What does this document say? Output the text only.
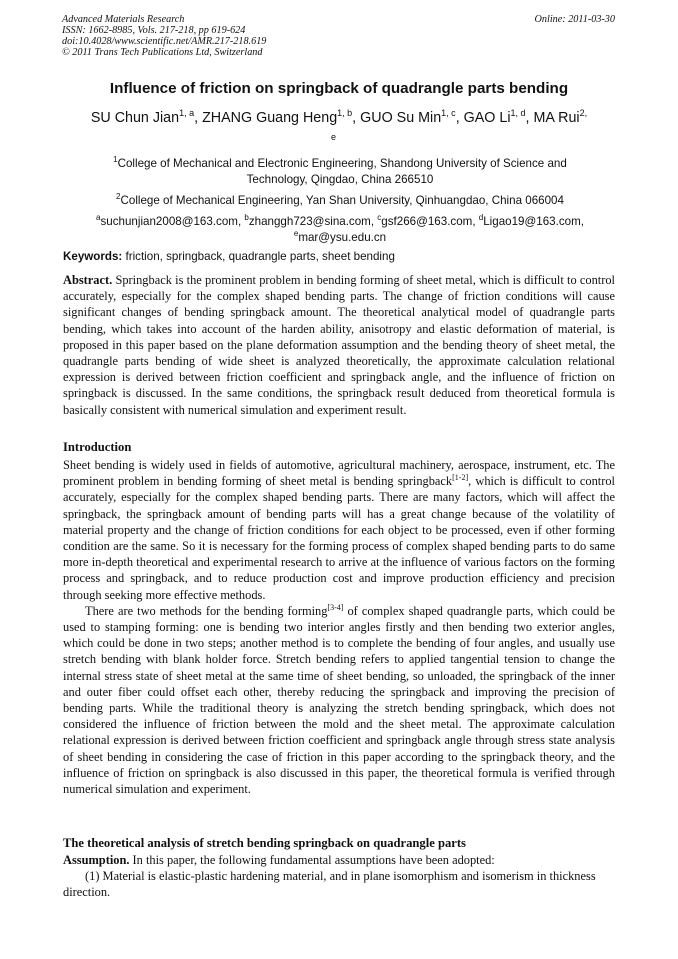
Advanced Materials Research
ISSN: 1662-8985, Vols. 217-218, pp 619-624
doi:10.4028/www.scientific.net/AMR.217-218.619
© 2011 Trans Tech Publications Ltd, Switzerland
Online: 2011-03-30
Influence of friction on springback of quadrangle parts bending
SU Chun Jian$^{1, a}$, ZHANG Guang Heng$^{1, b}$, GUO Su Min$^{1, c}$, GAO Li$^{1, d}$, MA Rui$^{2,}$
e
$^1$College of Mechanical and Electronic Engineering, Shandong University of Science and
Technology, Qingdao, China 266510
$^2$College of Mechanical Engineering, Yan Shan University, Qinhuangdao, China 066004
$^a$suchunjian2008@163.com, $^b$zhanggh723@sina.com, $^c$gsf266@163.com, $^d$Ligao19@163.com,
$^e$mar@ysu.edu.cn
Keywords: friction, springback, quadrangle parts, sheet bending

Abstract. Springback is the prominent problem in bending forming of sheet metal, which is difficult to control accurately, especially for the complex shaped bending parts. The change of friction conditions will cause significant changes of bending springback amount. The theoretical analytical model of quadrangle parts bending, which takes into account of the harden ability, anisotropy and elastic deformation of material, is proposed in this paper based on the plane deformation assumption and the bending theory of sheet metal, the quadrangle parts bending of wide sheet is analyzed theoretically, the approximate calculation relational expression is derived between friction coefficient and springback angle, and the influence of friction on springback is discussed. In the same conditions, the springback result deduced from theoretical formula is basically consistent with numerical simulation and experiment result.

Introduction

Sheet bending is widely used in fields of automotive, agricultural machinery, aerospace, instrument, etc. The prominent problem in bending forming of sheet metal is bending springback[1-2], which is difficult to control accurately, especially for the complex shaped bending parts. There are many factors, which will affect the springback, the springback amount of bending parts will has a great change because of the volatility of material property and the change of friction conditions for each object to be processed, even if other forming condition are the same. So it is necessary for the forming process of complex shaped bending parts to do same more in-depth theoretical and experimental research to arrive at the influence of various factors on the forming process and springback, and to reduce production cost and improve production efficiency and precision through seeking more effective methods.

There are two methods for the bending forming[3-4] of complex shaped quadrangle parts, which could be used to stamping forming: one is bending two interior angles firstly and then bending two exterior angles, which could be done in two steps; another method is to complete the bending of four angles, and usually use stretch bending with blank holder force. Stretch bending refers to applied tangential tension to change the internal stress state of sheet metal at the same time of sheet bending, so unloaded, the springback of the inner and outer fiber could offset each other, thereby reducing the springback and improving the precision of bending parts. While the traditional theory is analyzing the stretch bending springback, which does not considered the influence of friction between the mold and the sheet metal. The approximate calculation relational expression is derived between friction coefficient and springback angle through stress state analysis of sheet bending in considering the case of friction in this paper according to the springback theory, and the influence of friction on springback is also discussed in this paper, the theoretical formula is verified through numerical simulation and experiment.

The theoretical analysis of stretch bending springback on quadrangle parts

Assumption. In this paper, the following fundamental assumptions have been adopted:

(1) Material is elastic-plastic hardening material, and in plane isomorphism and isomerism in thickness direction.
